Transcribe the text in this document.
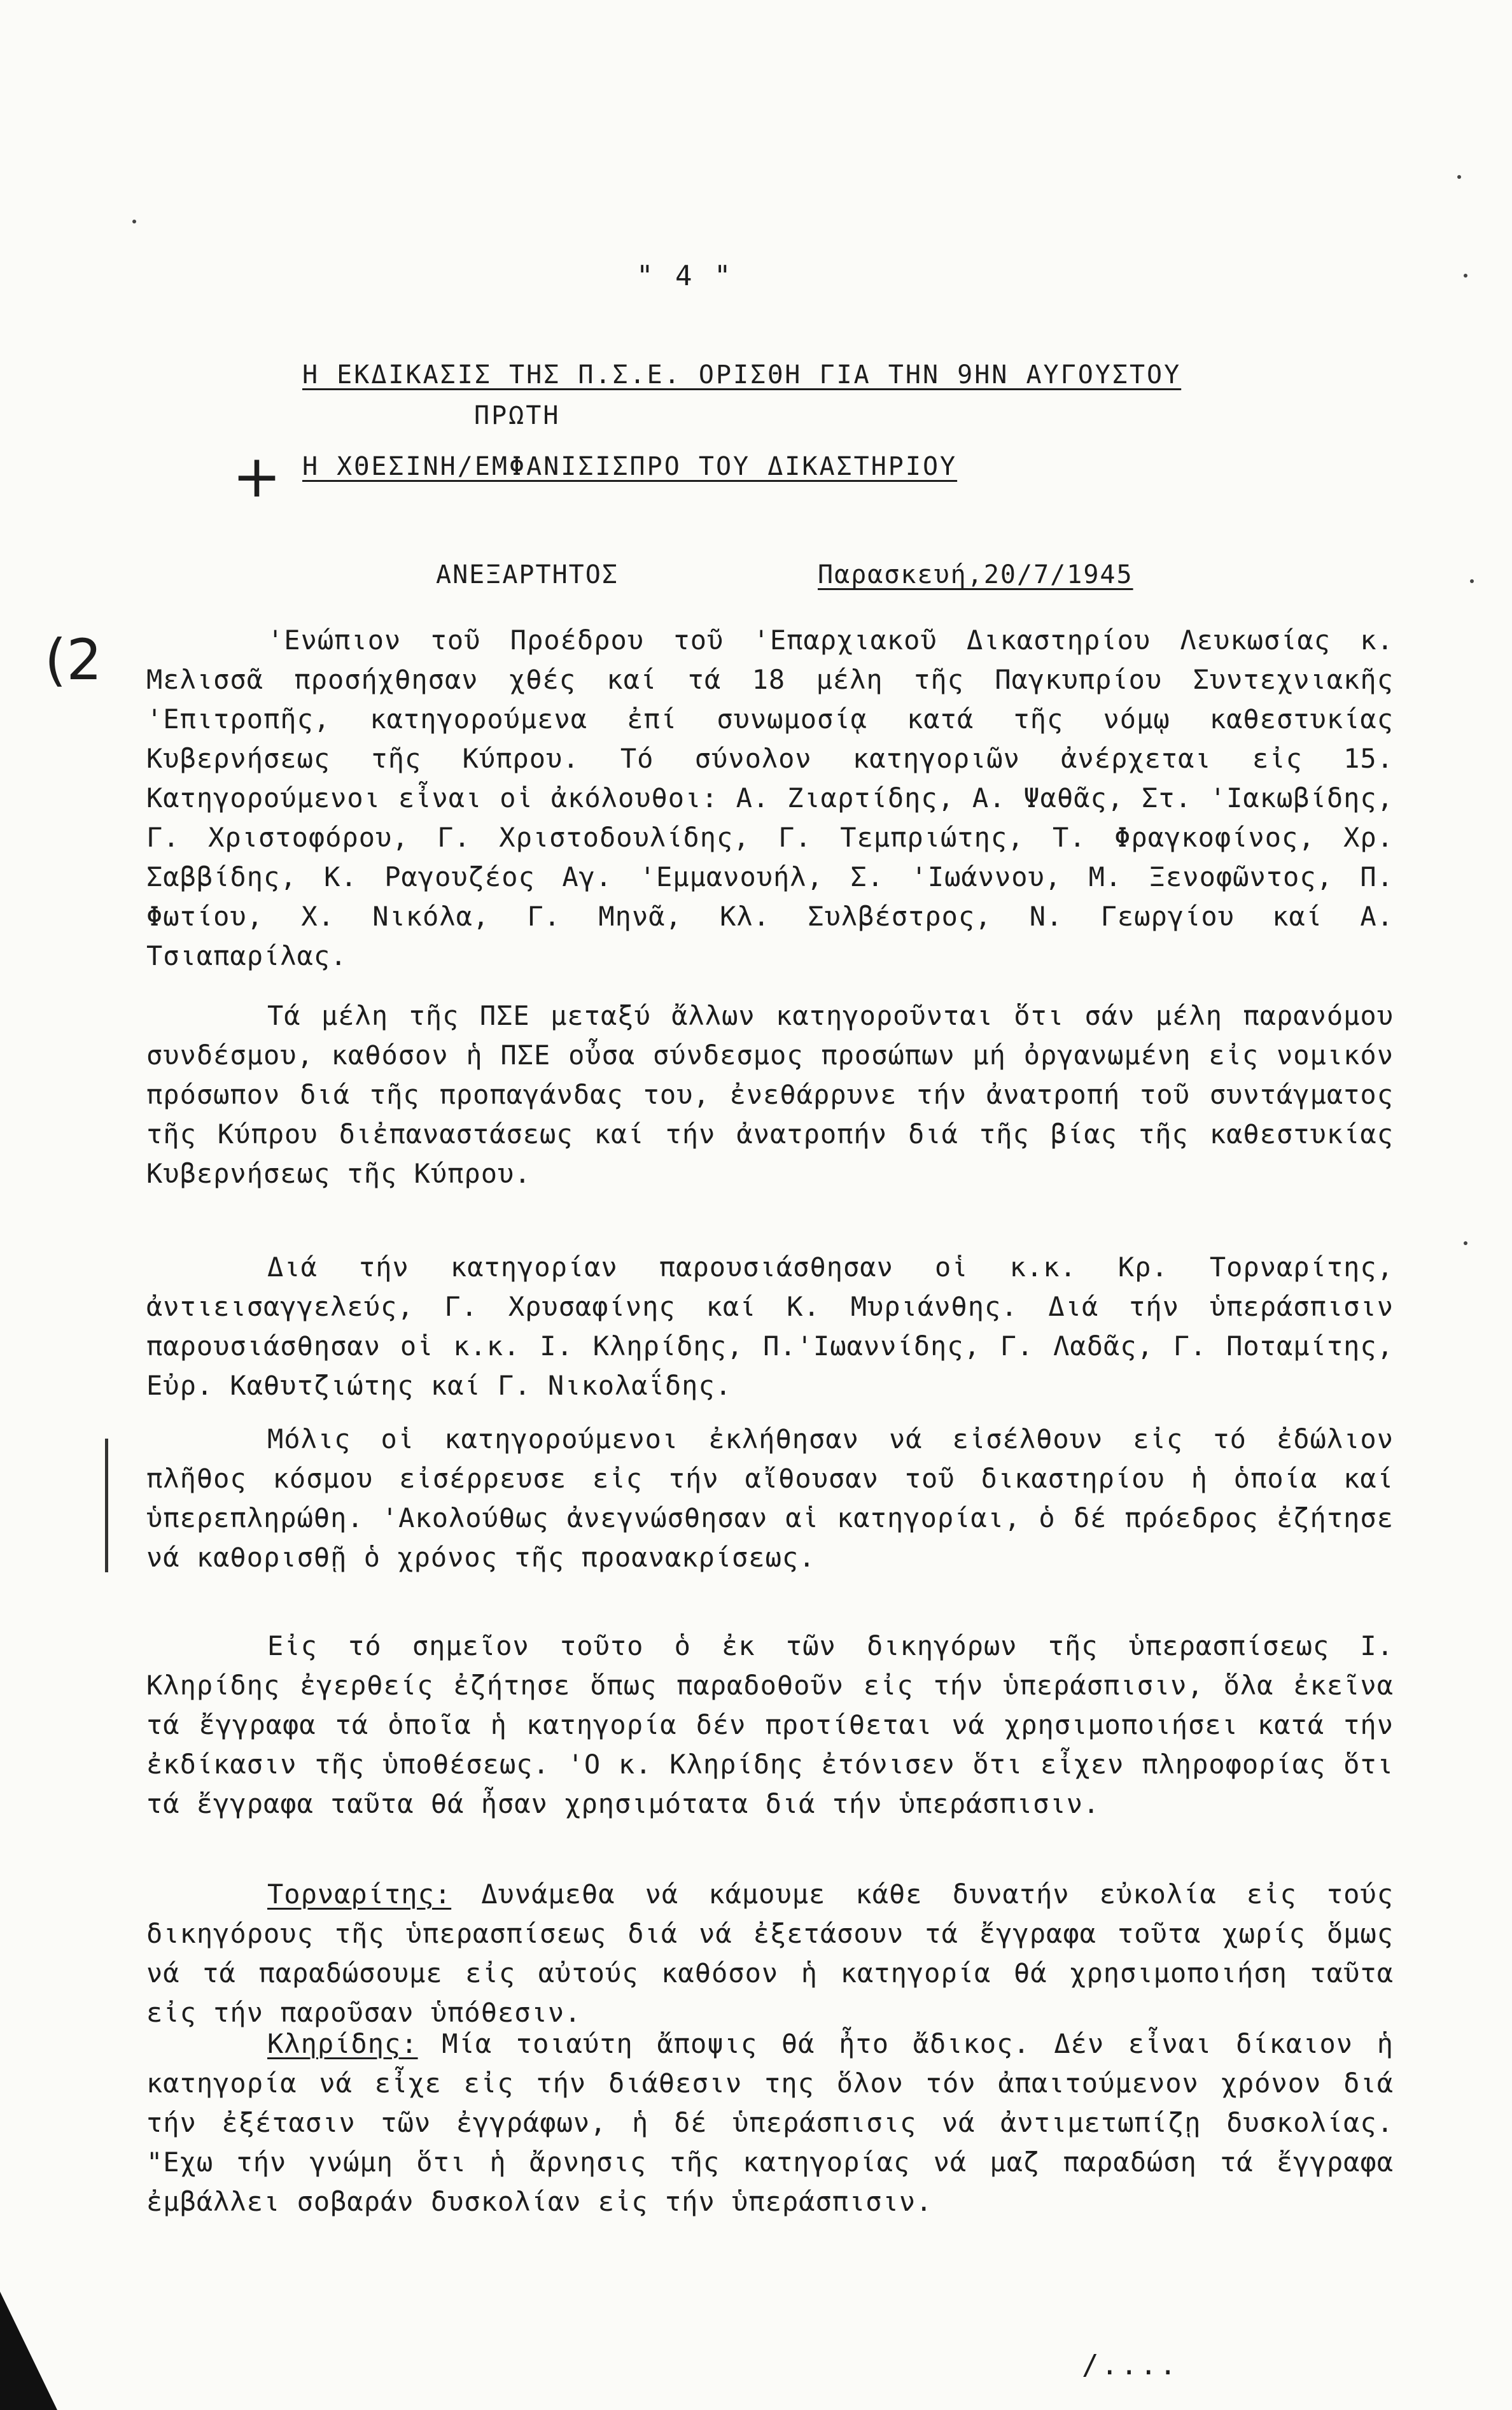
" 4 "
Η ΕΚΔΙΚΑΣΙΣ ΤΗΣ Π.Σ.Ε. ΟΡΙΣΘΗ ΓΙΑ ΤΗΝ 9ΗΝ ΑΥΓΟΥΣΤΟΥ
ΠΡΩΤΗ
+ Η ΧΘΕΣΙΝΗ/ΕΜΦΑΝΙΣΙΣΠΡΟ ΤΟΥ ΔΙΚΑΣΤΗΡΙΟΥ
ΑΝΕΞΑΡΤΗΤΟΣ	Παρασκευή,20/7/1945
(2	'Ενώπιον τοῦ Προέδρου τοῦ 'Επαρχιακοῦ Δικαστηρίου Λευκωσίας κ. Μελισσᾶ προσήχθησαν χθές καί τά 18 μέλη τῆς Παγκυπρίου Συντεχνιακῆς 'Επιτροπῆς, κατηγορούμενα ἐπί συνωμοσίᾳ κατά τῆς νόμῳ καθεστυκίας Κυβερνήσεως τῆς Κύπρου. Τό σύνολον κατηγοριῶν ἀνέρχεται εἰς 15. Κατηγορούμενοι εἶναι οἱ ἀκόλουθοι: Α. Ζιαρτίδης, Α. Ψαθᾶς, Στ. 'Ιακωβίδης, Γ. Χριστοφόρου, Γ. Χριστοδουλίδης, Γ. Τεμπριώτης, Τ. Φραγκοφίνος, Χρ. Σαββίδης, Κ. Ραγουζέος Αγ. 'Εμμανουήλ, Σ. 'Ιωάννου, Μ. Ξενοφῶντος, Π. Φωτίου, Χ. Νικόλα, Γ. Μηνᾶ, Κλ. Συλβέστρος, Ν. Γεωργίου καί Α. Τσιαπαρίλας.

Τά μέλη τῆς ΠΣΕ μεταξύ ἄλλων κατηγοροῦνται ὅτι σάν μέλη παρανόμου συνδέσμου, καθόσον ἡ ΠΣΕ οὖσα σύνδεσμος προσώπων μή ὀργανωμένη εἰς νομικόν πρόσωπον διά τῆς προπαγάνδας του, ἐνεθάρρυνε τήν ἀνατροπή τοῦ συντάγματος τῆς Κύπρου διἐπαναστάσεως καί τήν ἀνατροπήν διά τῆς βίας τῆς καθεστυκίας Κυβερνήσεως τῆς Κύπρου.

Διά τήν κατηγορίαν παρουσιάσθησαν οἱ κ.κ. Κρ. Τορναρίτης, ἀντιεισαγγελεύς, Γ. Χρυσαφίνης καί Κ. Μυριάνθης. Διά τήν ὑπεράσπισιν παρουσιάσθησαν οἱ κ.κ. Ι. Κληρίδης, Π.'Ιωαννίδης, Γ. Λαδᾶς, Γ. Ποταμίτης, Εὐρ. Καθυτζιώτης καί Γ. Νικολαΐδης.

Μόλις οἱ κατηγορούμενοι ἐκλήθησαν νά εἰσέλθουν εἰς τό ἐδώλιον πλῆθος κόσμου εἰσέρρευσε εἰς τήν αἴθουσαν τοῦ δικαστηρίου ἡ ὁποία καί ὑπερεπληρώθη. 'Ακολούθως ἀνεγνώσθησαν αἱ κατηγορίαι, ὁ δέ πρόεδρος ἐζήτησε νά καθορισθῇ ὁ χρόνος τῆς προανακρίσεως.

Εἰς τό σημεῖον τοῦτο ὁ ἐκ τῶν δικηγόρων τῆς ὑπερασπίσεως Ι. Κληρίδης ἐγερθείς ἐζήτησε ὅπως παραδοθοῦν εἰς τήν ὑπεράσπισιν, ὅλα ἐκεῖνα τά ἔγγραφα τά ὁποῖα ἡ κατηγορία δέν προτίθεται νά χρησιμοποιήσει κατά τήν ἐκδίκασιν τῆς ὑποθέσεως. 'Ο κ. Κληρίδης ἐτόνισεν ὅτι εἶχεν πληροφορίας ὅτι τά ἔγγραφα ταῦτα θά ἦσαν χρησιμότατα διά τήν ὑπεράσπισιν.

Τορναρίτης: Δυνάμεθα νά κάμουμε κάθε δυνατήν εὐκολία εἰς τούς δικηγόρους τῆς ὑπερασπίσεως διά νά ἐξετάσουν τά ἔγγραφα τοῦτα χωρίς ὅμως νά τά παραδώσουμε εἰς αὐτούς καθόσον ἡ κατηγορία θά χρησιμοποιήση ταῦτα εἰς τήν παροῦσαν ὑπόθεσιν.

Κληρίδης: Μία τοιαύτη ἄποψις θά ἦτο ἄδικος. Δέν εἶναι δίκαιον ἡ κατηγορία νά εἶχε εἰς τήν διάθεσιν της ὅλον τόν ἀπαιτούμενον χρόνον διά τήν ἐξέτασιν τῶν ἐγγράφων, ἡ δέ ὑπεράσπισις νά ἀντιμετωπίζῃ δυσκολίας. "Εχω τήν γνώμη ὅτι ἡ ἄρνησις τῆς κατηγορίας νά μαζ παραδώση τά ἔγγραφα ἐμβάλλει σοβαράν δυσκολίαν εἰς τήν ὑπεράσπισιν.

/....
